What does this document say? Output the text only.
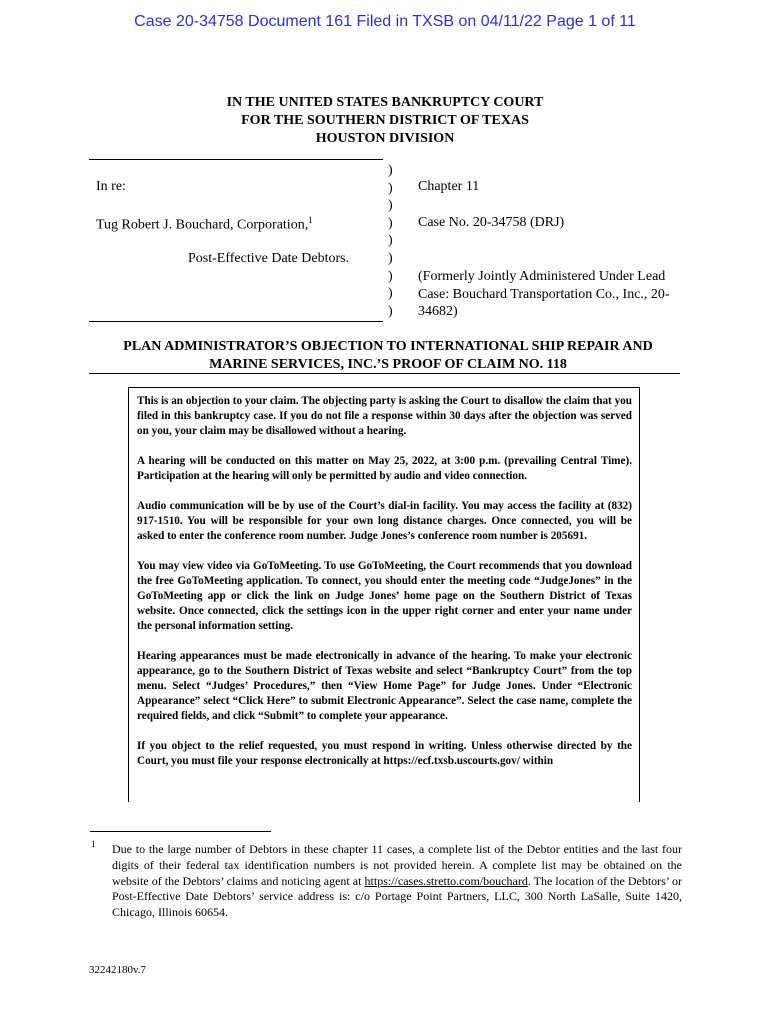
Case 20-34758 Document 161 Filed in TXSB on 04/11/22 Page 1 of 11
IN THE UNITED STATES BANKRUPTCY COURT
FOR THE SOUTHERN DISTRICT OF TEXAS
HOUSTON DIVISION
In re:
Tug Robert J. Bouchard, Corporation,$^1$
Post-Effective Date Debtors.
)
)
)
)
)
)
)
)
)
Chapter 11
Case No. 20-34758 (DRJ)
(Formerly Jointly Administered Under Lead
Case: Bouchard Transportation Co., Inc., 20-
34682)
PLAN ADMINISTRATOR’S OBJECTION TO INTERNATIONAL SHIP REPAIR AND
MARINE SERVICES, INC.’S PROOF OF CLAIM NO. 118

This is an objection to your claim. The objecting party is asking the Court to disallow the claim that you filed in this bankruptcy case. If you do not file a response within 30 days after the objection was served on you, your claim may be disallowed without a hearing.

A hearing will be conducted on this matter on May 25, 2022, at 3:00 p.m. (prevailing Central Time). Participation at the hearing will only be permitted by audio and video connection.

Audio communication will be by use of the Court’s dial-in facility. You may access the facility at (832) 917-1510. You will be responsible for your own long distance charges. Once connected, you will be asked to enter the conference room number. Judge Jones’s conference room number is 205691.

You may view video via GoToMeeting. To use GoToMeeting, the Court recommends that you download the free GoToMeeting application. To connect, you should enter the meeting code “JudgeJones” in the GoToMeeting app or click the link on Judge Jones’ home page on the Southern District of Texas website. Once connected, click the settings icon in the upper right corner and enter your name under the personal information setting.

Hearing appearances must be made electronically in advance of the hearing. To make your electronic appearance, go to the Southern District of Texas website and select “Bankruptcy Court” from the top menu. Select “Judges’ Procedures,” then “View Home Page” for Judge Jones. Under “Electronic Appearance” select “Click Here” to submit Electronic Appearance”. Select the case name, complete the required fields, and click “Submit” to complete your appearance.

If you object to the relief requested, you must respond in writing. Unless otherwise directed by the Court, you must file your response electronically at https://ecf.txsb.uscourts.gov/ within

1 Due to the large number of Debtors in these chapter 11 cases, a complete list of the Debtor entities and the last four digits of their federal tax identification numbers is not provided herein. A complete list may be obtained on the website of the Debtors’ claims and noticing agent at https://cases.stretto.com/bouchard. The location of the Debtors’ or Post-Effective Date Debtors’ service address is: c/o Portage Point Partners, LLC, 300 North LaSalle, Suite 1420, Chicago, Illinois 60654.
32242180v.7
